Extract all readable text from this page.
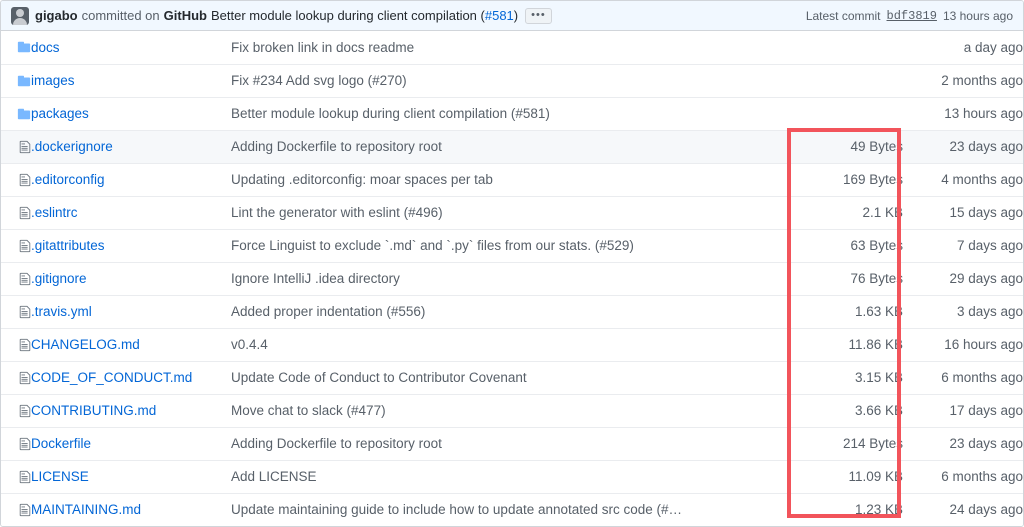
gigabo committed on GitHub Better module lookup during client compilation (#581)	•••	Latest commit bdf3819 13 hours ago
	docs	Fix broken link in docs readme		a day ago

	images	Fix #234 Add svg logo (#270)		2 months ago

	packages	Better module lookup during client compilation (#581)		13 hours ago

	.dockerignore	Adding Dockerfile to repository root	49 Bytes	23 days ago

	.editorconfig	Updating .editorconfig: moar spaces per tab	169 Bytes	4 months ago

	.eslintrc	Lint the generator with eslint (#496)	2.1 KB	15 days ago

	.gitattributes	Force Linguist to exclude `.md` and `.py` files from our stats. (#529)	63 Bytes	7 days ago

	.gitignore	Ignore IntelliJ .idea directory	76 Bytes	29 days ago

	.travis.yml	Added proper indentation (#556)	1.63 KB	3 days ago

	CHANGELOG.md	v0.4.4	11.86 KB	16 hours ago

	CODE_OF_CONDUCT.md	Update Code of Conduct to Contributor Covenant	3.15 KB	6 months ago

	CONTRIBUTING.md	Move chat to slack (#477)	3.66 KB	17 days ago

	Dockerfile	Adding Dockerfile to repository root	214 Bytes	23 days ago

	LICENSE	Add LICENSE	11.09 KB	6 months ago

	MAINTAINING.md	Update maintaining guide to include how to update annotated src code (#…	1.23 KB	24 days ago
